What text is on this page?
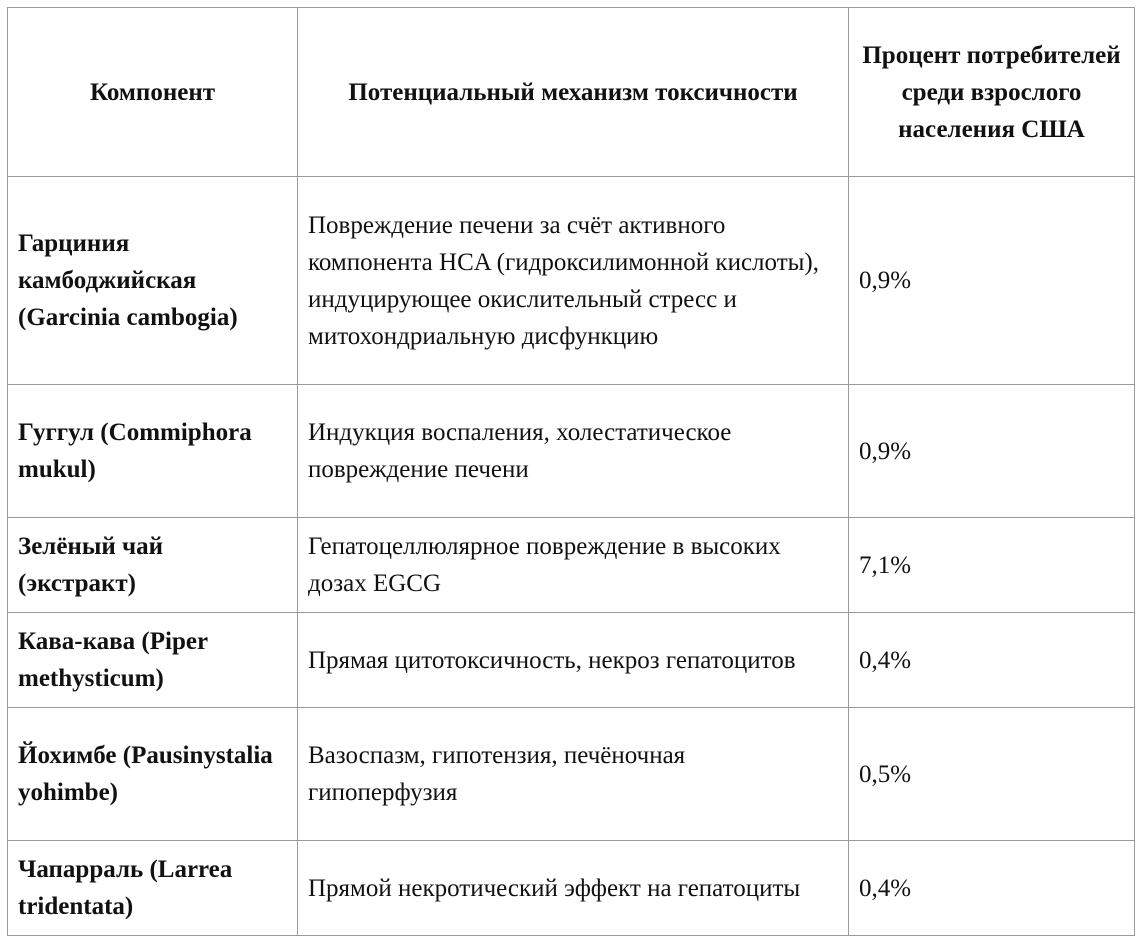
Компонент	Потенциальный механизм токсичности	Процент потребителей среди взрослого населения США
Гарциния камбоджийская (Garcinia cambogia)	Повреждение печени за счёт активного компонента HCA (гидроксилимонной кислоты), индуцирующее окислительный стресс и митохондриальную дисфункцию	0,9%
Гуггул (Commiphora mukul)	Индукция воспаления, холестатическое повреждение печени	0,9%
Зелёный чай (экстракт)	Гепатоцеллюлярное повреждение в высоких дозах EGCG	7,1%
Кава-кава (Piper methysticum)	Прямая цитотоксичность, некроз гепатоцитов	0,4%
Йохимбе (Pausinystalia yohimbe)	Вазоспазм, гипотензия, печёночная гипоперфузия	0,5%
Чапарраль (Larrea tridentata)	Прямой некротический эффект на гепатоциты	0,4%
